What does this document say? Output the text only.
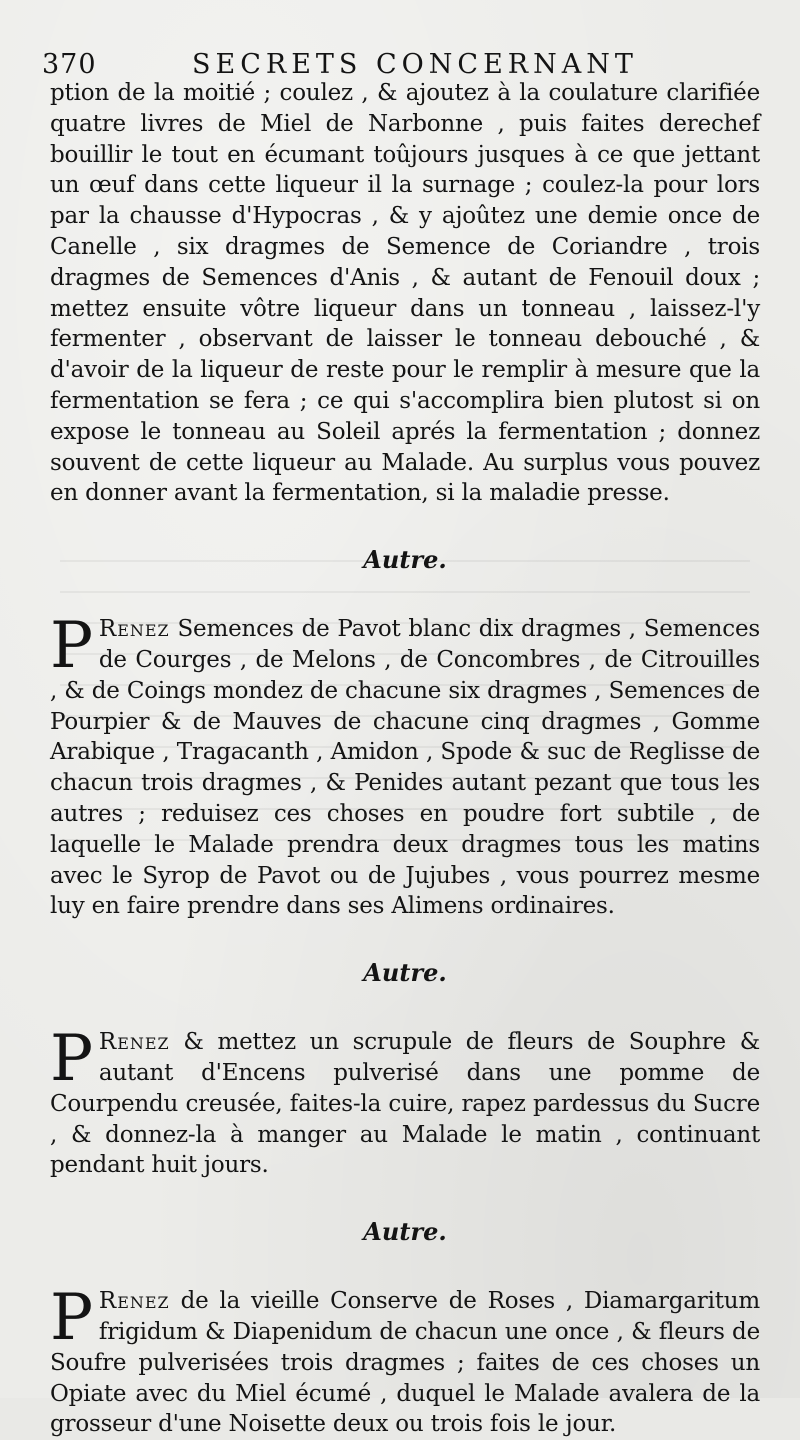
370	SECRETS CONCERNANT

ption de la moitié ; coulez , & ajoutez à la coulature clarifiée quatre livres de Miel de Narbonne , puis faites derechef bouillir le tout en écumant toûjours jusques à ce que jettant un œuf dans cette liqueur il la surnage ; coulez-la pour lors par la chausse d'Hypocras , & y ajoûtez une demie once de Canelle , six dragmes de Semence de Coriandre , trois dragmes de Semences d'Anis , & autant de Fenouil doux ; mettez ensuite vôtre liqueur dans un tonneau , laissez-l'y fermenter , observant de laisser le tonneau debouché , & d'avoir de la liqueur de reste pour le remplir à mesure que la fermentation se fera ; ce qui s'accomplira bien plutost si on expose le tonneau au Soleil aprés la fermentation ; donnez souvent de cette liqueur au Malade. Au surplus vous pouvez en donner avant la fermentation, si la maladie presse.

Autre.

P Renez Semences de Pavot blanc dix dragmes , Semences de Courges , de Melons , de Concombres , de Citrouilles , & de Coings mondez de chacune six dragmes , Semences de Pourpier & de Mauves de chacune cinq dragmes , Gomme Arabique , Tragacanth , Amidon , Spode & suc de Reglisse de chacun trois dragmes , & Penides autant pezant que tous les autres ; reduisez ces choses en poudre fort subtile , de laquelle le Malade prendra deux dragmes tous les matins avec le Syrop de Pavot ou de Jujubes , vous pourrez mesme luy en faire prendre dans ses Alimens ordinaires.

Autre.

P Renez & mettez un scrupule de fleurs de Souphre & autant d'Encens pulverisé dans une pomme de Courpendu creusée, faites-la cuire, rapez pardessus du Sucre , & donnez-la à manger au Malade le matin , continuant pendant huit jours.

Autre.

P Renez de la vieille Conserve de Roses , Diamargaritum frigidum & Diapenidum de chacun une once , & fleurs de Soufre pulverisées trois dragmes ; faites de ces choses un Opiate avec du Miel écumé , duquel le Malade avalera de la grosseur d'une Noisette deux ou trois fois le jour.
